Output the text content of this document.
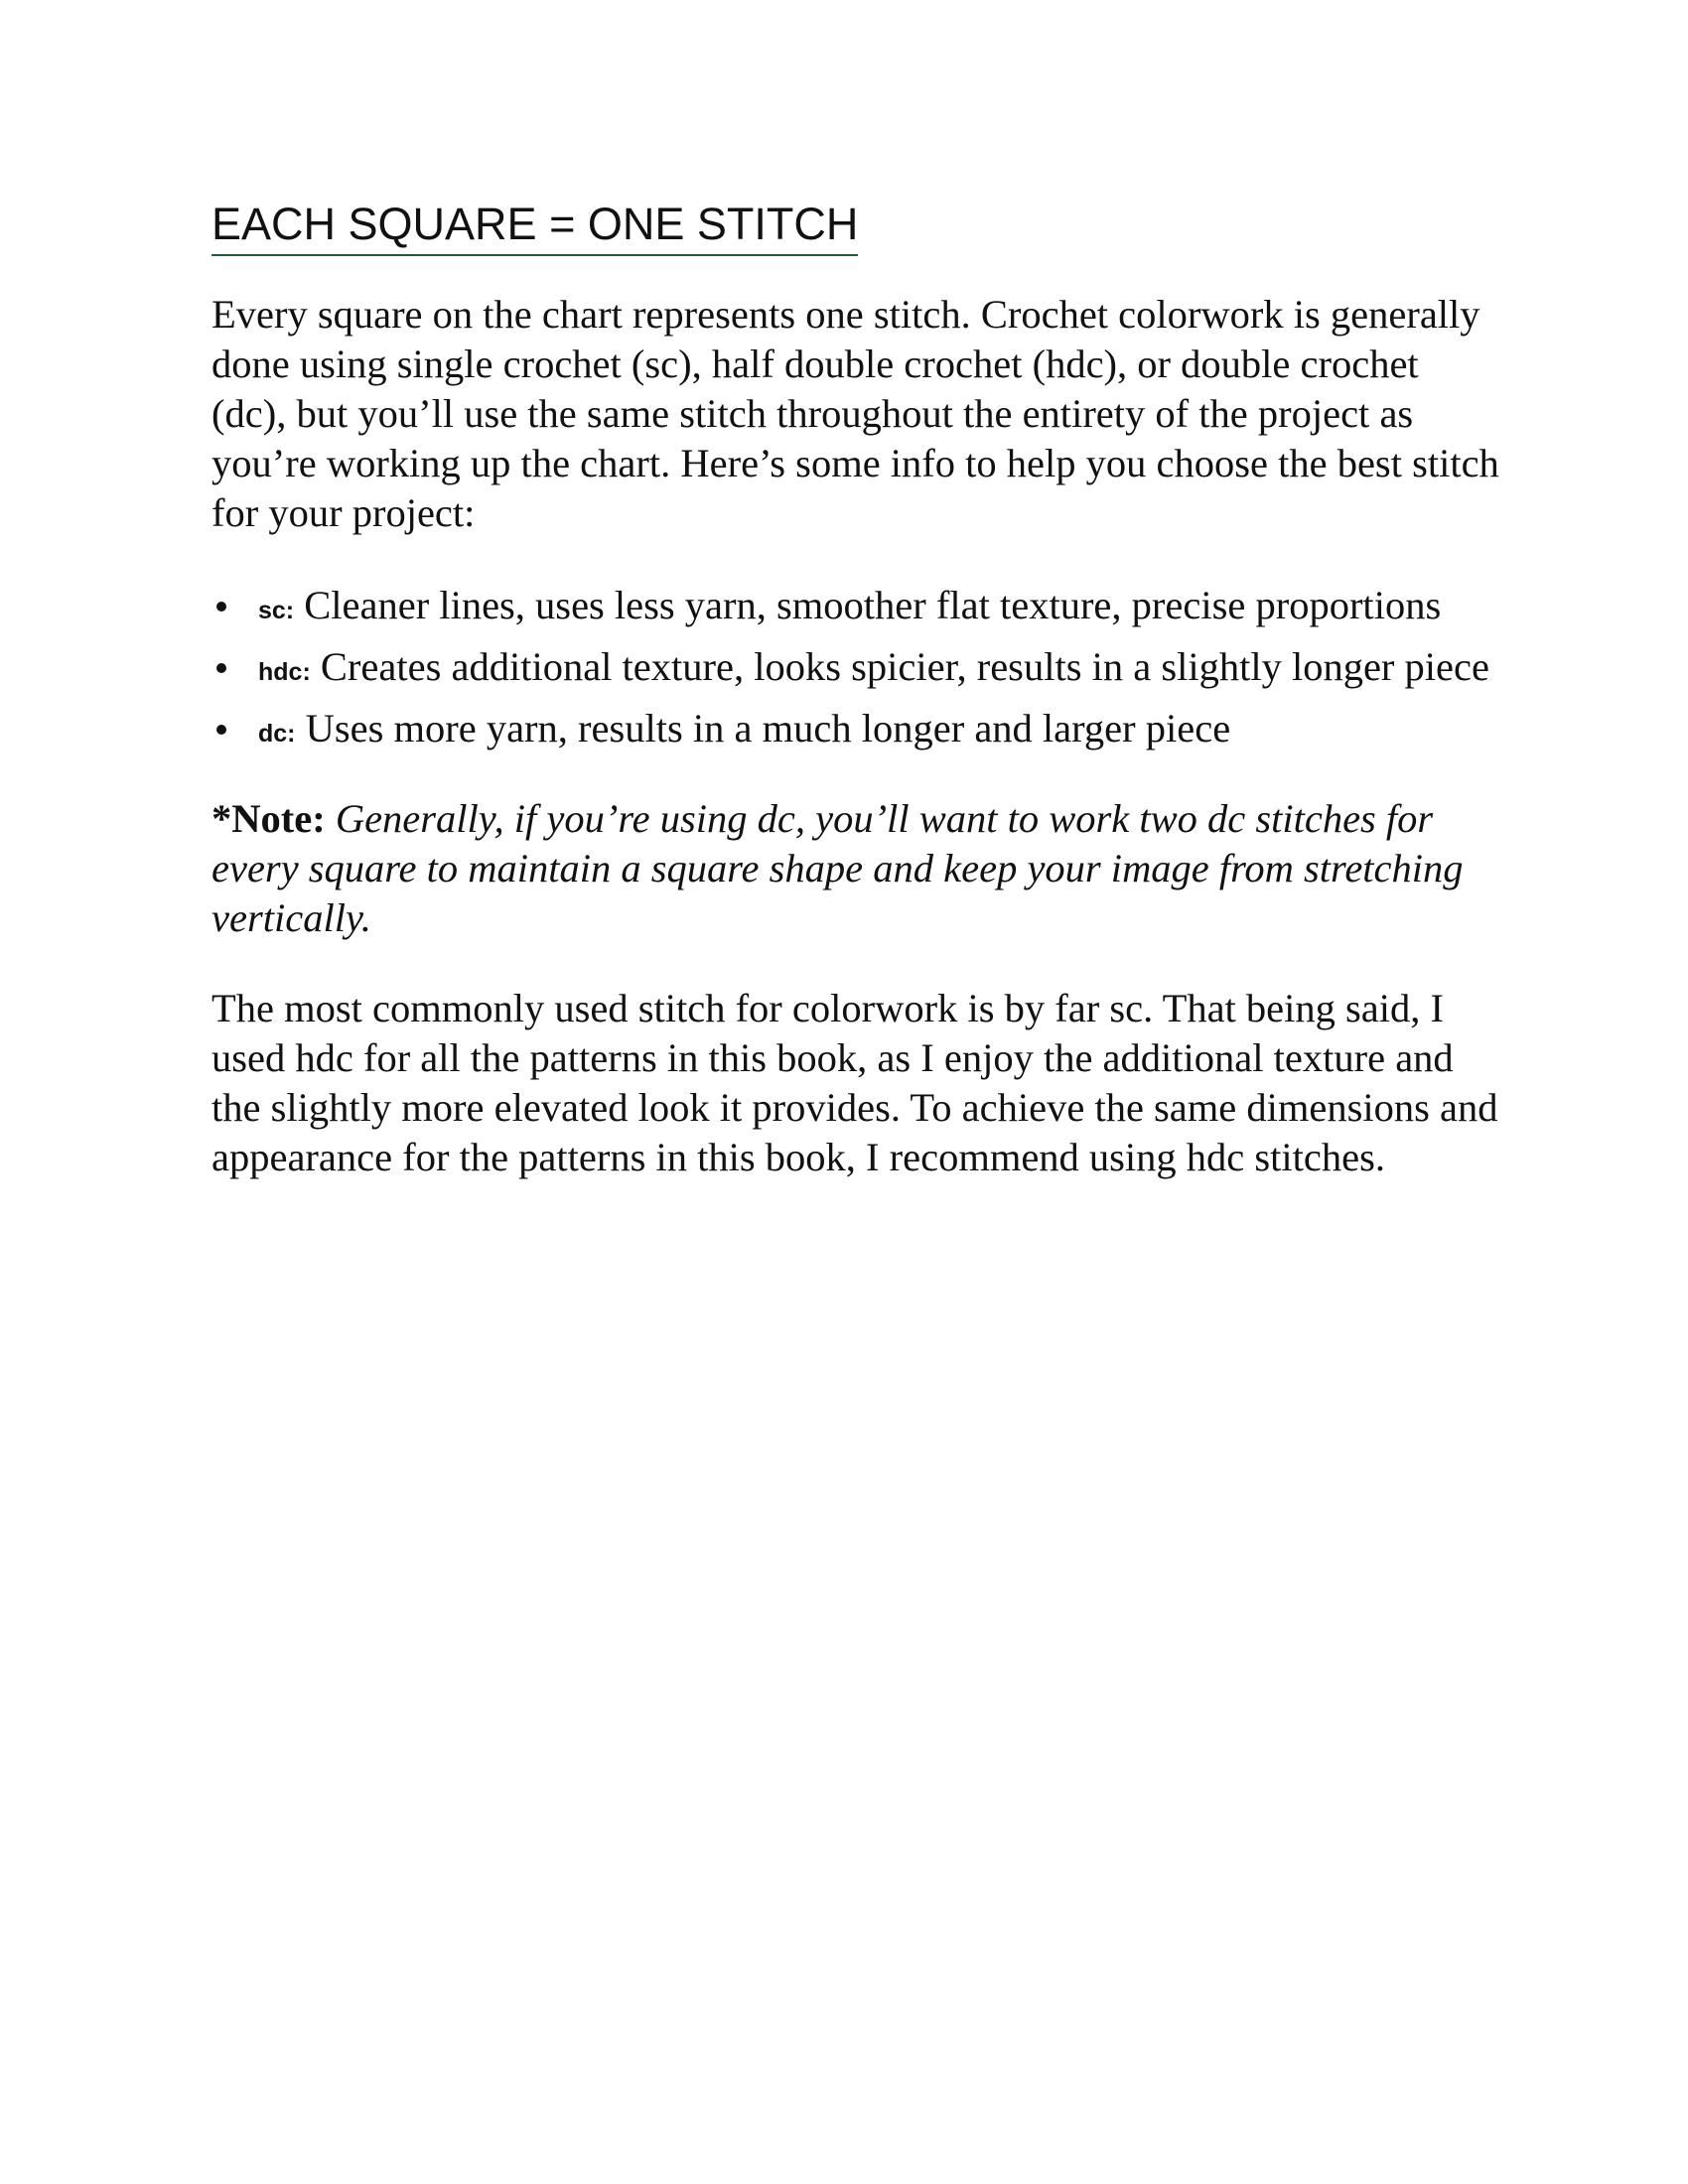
EACH SQUARE = ONE STITCH

Every square on the chart represents one stitch. Crochet colorwork is generally done using single crochet (sc), half double crochet (hdc), or double crochet (dc), but you’ll use the same stitch throughout the entirety of the project as you’re working up the chart. Here’s some info to help you choose the best stitch for your project:

sc: Cleaner lines, uses less yarn, smoother flat texture, precise proportions
hdc: Creates additional texture, looks spicier, results in a slightly longer piece
dc: Uses more yarn, results in a much longer and larger piece

*Note: Generally, if you’re using dc, you’ll want to work two dc stitches for every square to maintain a square shape and keep your image from stretching vertically.

The most commonly used stitch for colorwork is by far sc. That being said, I used hdc for all the patterns in this book, as I enjoy the additional texture and the slightly more elevated look it provides. To achieve the same dimensions and appearance for the patterns in this book, I recommend using hdc stitches.
